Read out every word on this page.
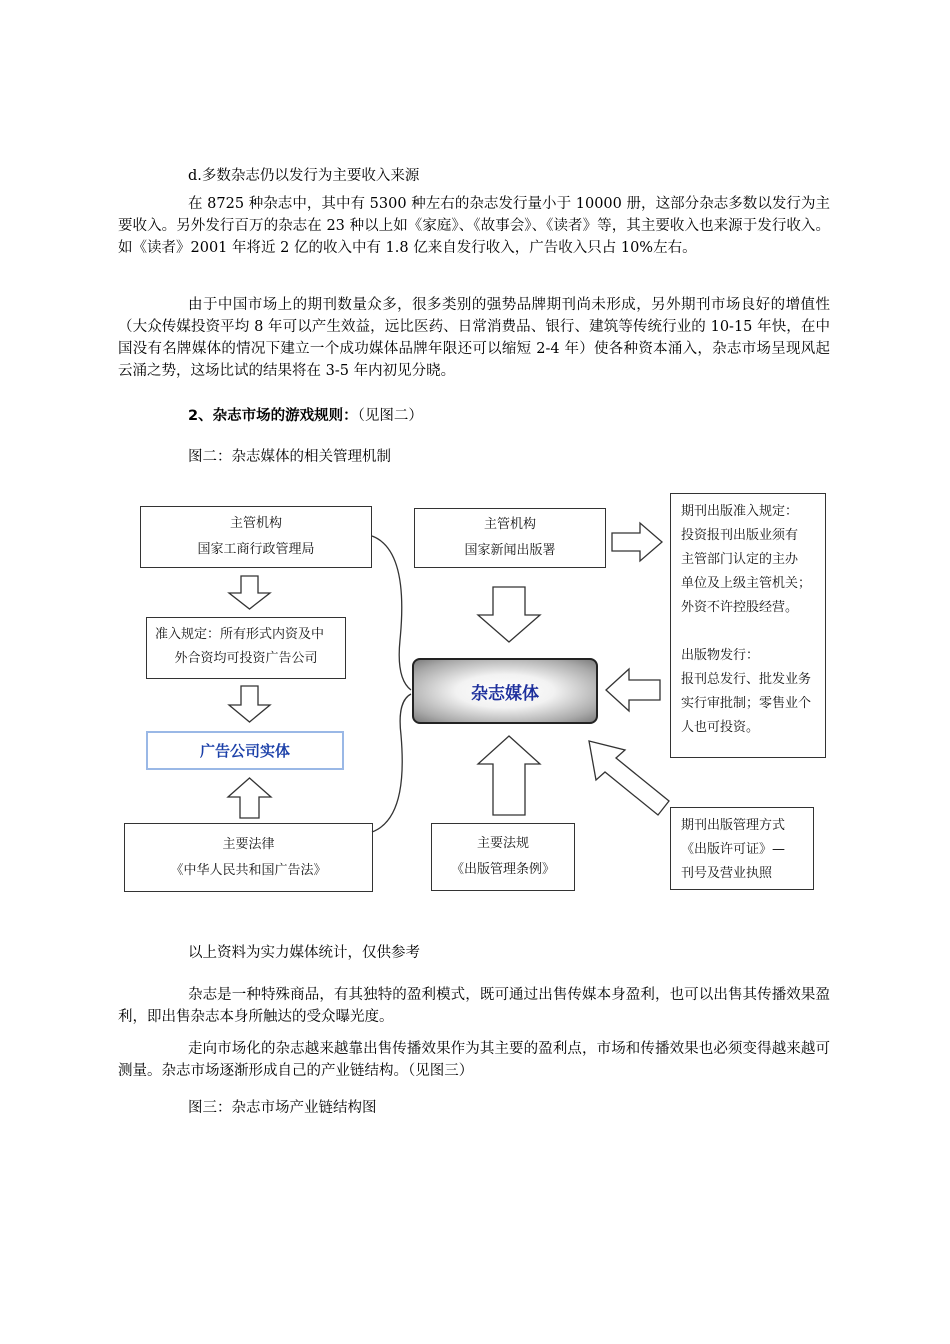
d.多数杂志仍以发行为主要收入来源

在 8725 种杂志中，其中有 5300 种左右的杂志发行量小于 10000 册，这部分杂志多数以发行为主要收入。另外发行百万的杂志在 23 种以上如《家庭》、《故事会》、《读者》等，其主要收入也来源于发行收入。如《读者》2001 年将近 2 亿的收入中有 1.8 亿来自发行收入，广告收入只占 10%左右。

由于中国市场上的期刊数量众多，很多类别的强势品牌期刊尚未形成，另外期刊市场良好的增值性（大众传媒投资平均 8 年可以产生效益，远比医药、日常消费品、银行、建筑等传统行业的 10-15 年快，在中国没有名牌媒体的情况下建立一个成功媒体品牌年限还可以缩短 2-4 年）使各种资本涌入，杂志市场呈现风起云涌之势，这场比试的结果将在 3-5 年内初见分晓。

2、杂志市场的游戏规则：（见图二）

图二：杂志媒体的相关管理机制

主管机构
国家工商行政管理局
主管机构
国家新闻出版署
准入规定：所有形式内资及中
外合资均可投资广告公司
广告公司实体
主要法律
《中华人民共和国广告法》
主要法规
《出版管理条例》
杂志媒体
期刊出版准入规定：
投资报刊出版业须有
主管部门认定的主办
单位及上级主管机关；
外资不许控股经营。
出版物发行：
报刊总发行、批发业务
实行审批制；零售业个
人也可投资。
期刊出版管理方式
《出版许可证》—
刊号及营业执照

以上资料为实力媒体统计，仅供参考

杂志是一种特殊商品，有其独特的盈利模式，既可通过出售传媒本身盈利，也可以出售其传播效果盈利，即出售杂志本身所触达的受众曝光度。

走向市场化的杂志越来越靠出售传播效果作为其主要的盈利点，市场和传播效果也必须变得越来越可测量。杂志市场逐渐形成自己的产业链结构。（见图三）

图三：杂志市场产业链结构图
